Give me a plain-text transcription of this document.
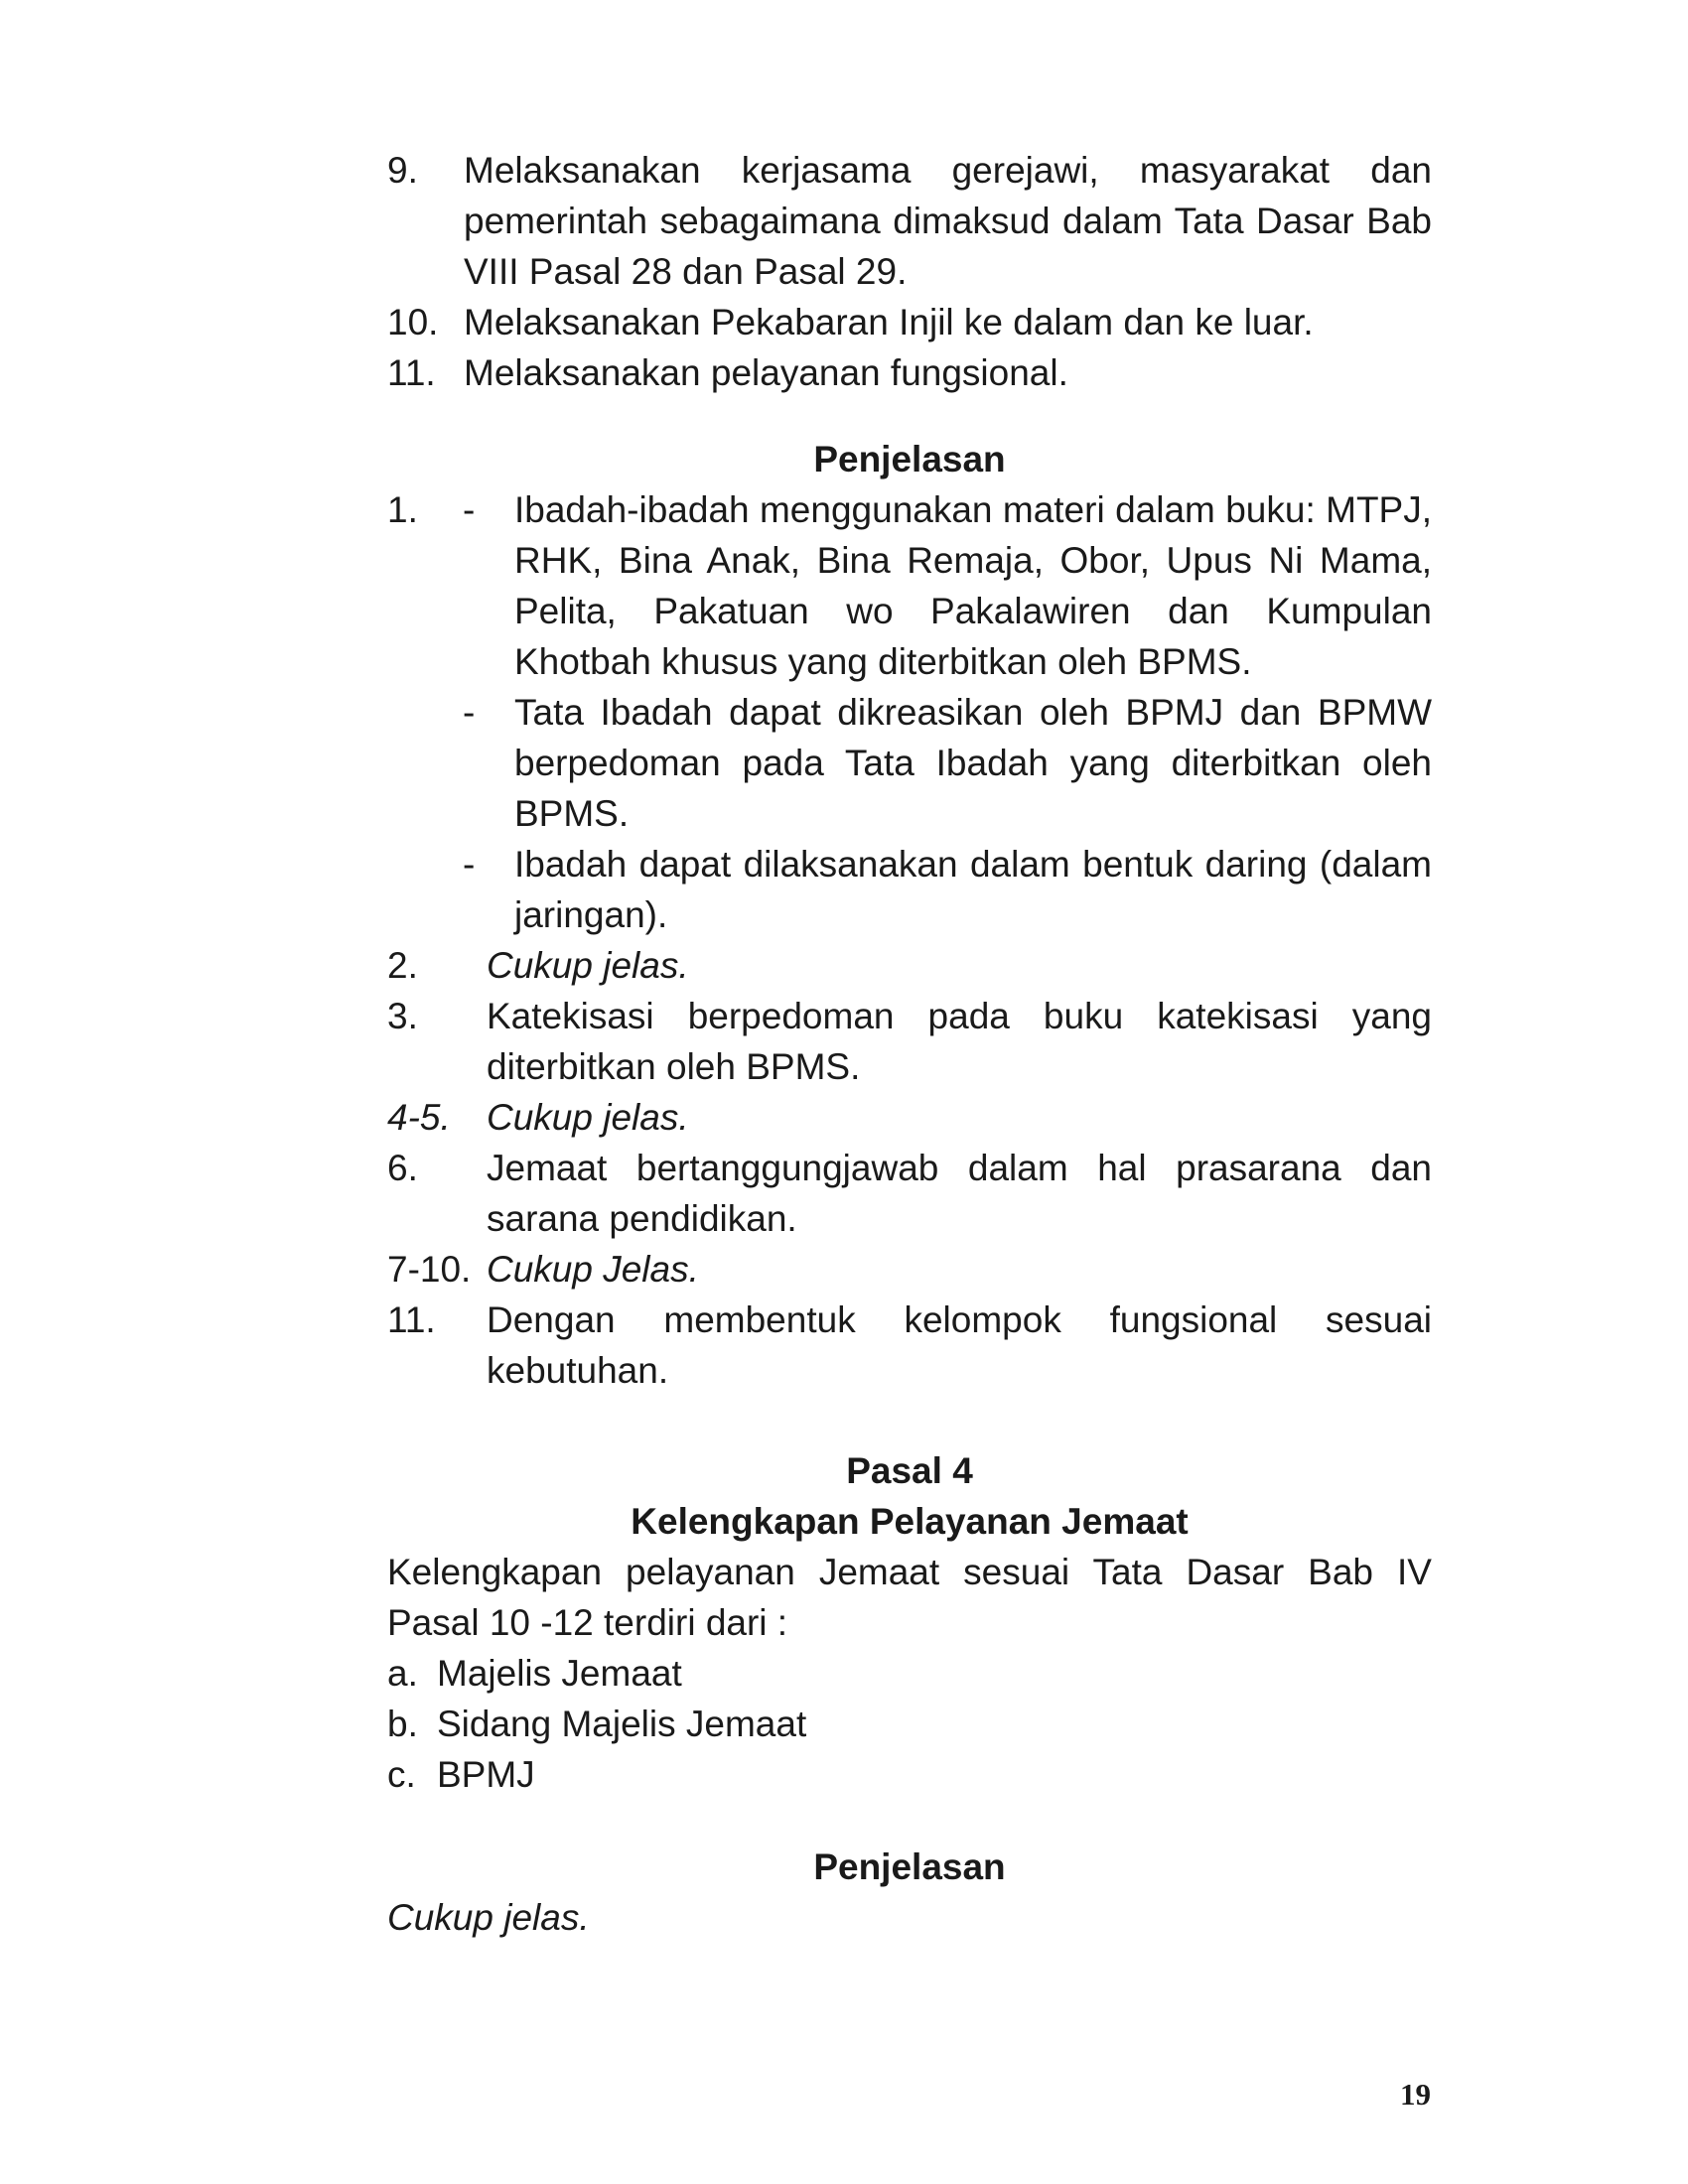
9. Melaksanakan kerjasama gerejawi, masyarakat dan pemerintah sebagaimana dimaksud dalam Tata Dasar Bab VIII Pasal 28 dan Pasal 29.
10. Melaksanakan Pekabaran Injil ke dalam dan ke luar.
11. Melaksanakan pelayanan fungsional.
Penjelasan
1. - Ibadah-ibadah menggunakan materi dalam buku: MTPJ, RHK, Bina Anak, Bina Remaja, Obor, Upus Ni Mama, Pelita, Pakatuan wo Pakalawiren dan Kumpulan Khotbah khusus yang diterbitkan oleh BPMS.
- Tata Ibadah dapat dikreasikan oleh BPMJ dan BPMW berpedoman pada Tata Ibadah yang diterbitkan oleh BPMS.
- Ibadah dapat dilaksanakan dalam bentuk daring (dalam jaringan).
2. Cukup jelas.
3. Katekisasi berpedoman pada buku katekisasi yang diterbitkan oleh BPMS.
4-5. Cukup jelas.
6. Jemaat bertanggungjawab dalam hal prasarana dan sarana pendidikan.
7-10. Cukup Jelas.
11. Dengan membentuk kelompok fungsional sesuai kebutuhan.
Pasal 4
Kelengkapan Pelayanan Jemaat
Kelengkapan pelayanan Jemaat sesuai Tata Dasar Bab IV Pasal 10 -12 terdiri dari :
a. Majelis Jemaat
b. Sidang Majelis Jemaat
c. BPMJ
Penjelasan
Cukup jelas.
19
